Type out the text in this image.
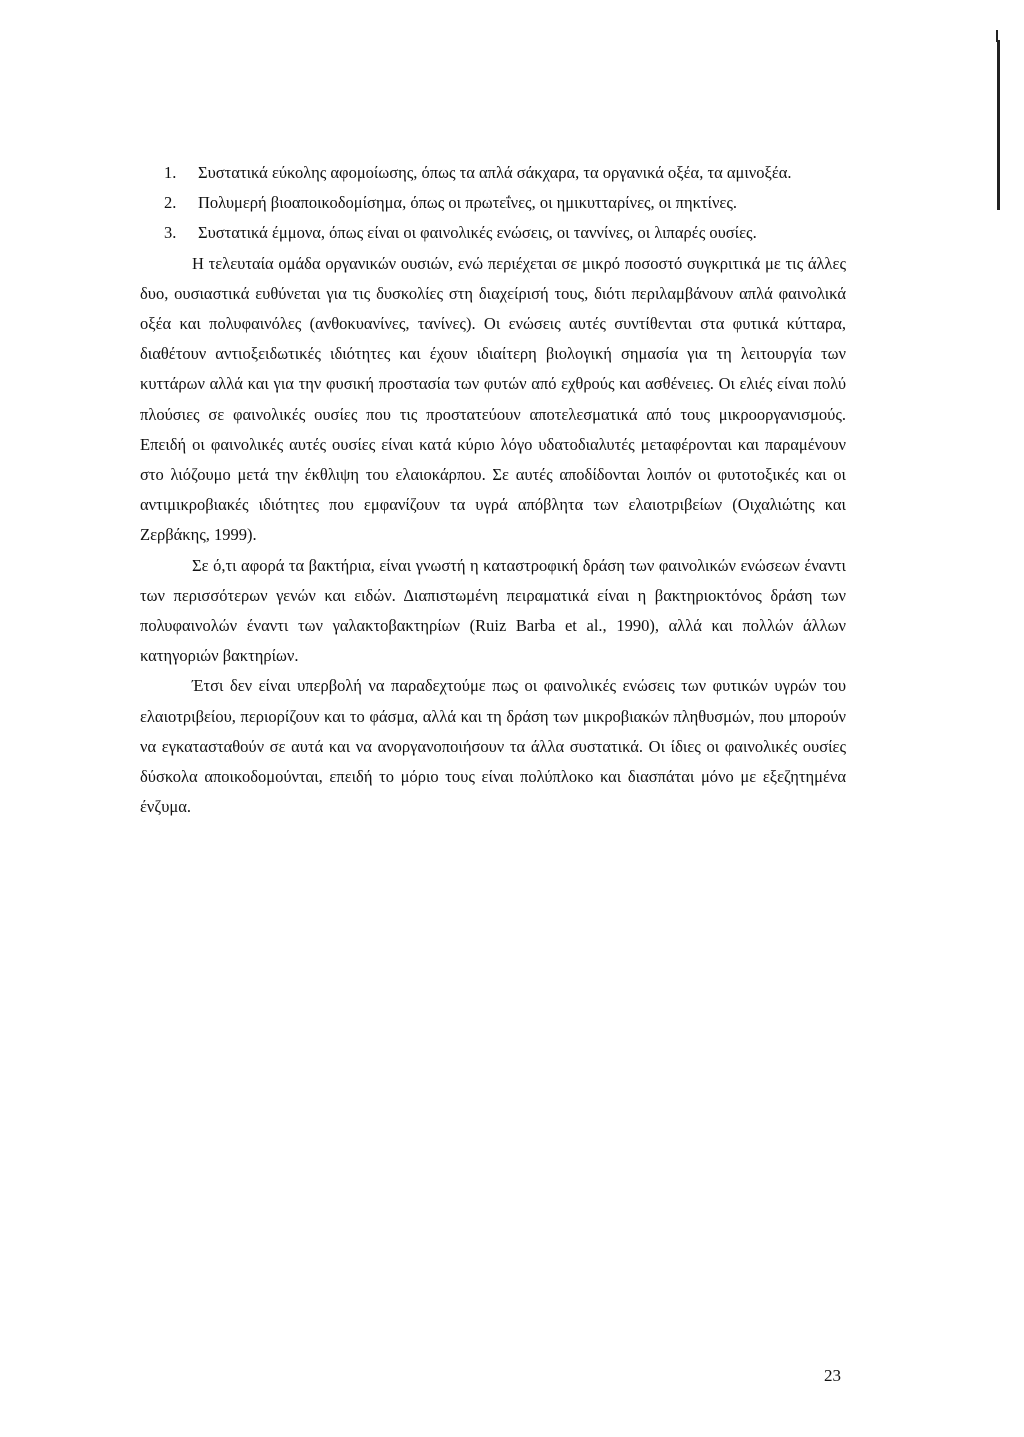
1. Συστατικά εύκολης αφομοίωσης, όπως τα απλά σάκχαρα, τα οργανικά οξέα, τα αμινοξέα.
2. Πολυμερή βιοαποικοδομίσημα, όπως οι πρωτεΐνες, οι ημικυτταρίνες, οι πηκτίνες.
3. Συστατικά έμμονα, όπως είναι οι φαινολικές ενώσεις, οι ταννίνες, οι λιπαρές ουσίες.

Η τελευταία ομάδα οργανικών ουσιών, ενώ περιέχεται σε μικρό ποσοστό συγκριτικά με τις άλλες δυο, ουσιαστικά ευθύνεται για τις δυσκολίες στη διαχείρισή τους, διότι περιλαμβάνουν απλά φαινολικά οξέα και πολυφαινόλες (ανθοκυανίνες, τανίνες). Οι ενώσεις αυτές συντίθενται στα φυτικά κύτταρα, διαθέτουν αντιοξειδωτικές ιδιότητες και έχουν ιδιαίτερη βιολογική σημασία για τη λειτουργία των κυττάρων αλλά και για την φυσική προστασία των φυτών από εχθρούς και ασθένειες. Οι ελιές είναι πολύ πλούσιες σε φαινολικές ουσίες που τις προστατεύουν αποτελεσματικά από τους μικροοργανισμούς. Επειδή οι φαινολικές αυτές ουσίες είναι κατά κύριο λόγο υδατοδιαλυτές μεταφέρονται και παραμένουν στο λιόζουμο μετά την έκθλιψη του ελαιοκάρπου. Σε αυτές αποδίδονται λοιπόν οι φυτοτοξικές και οι αντιμικροβιακές ιδιότητες που εμφανίζουν τα υγρά απόβλητα των ελαιοτριβείων (Οιχαλιώτης και Ζερβάκης, 1999).

Σε ό,τι αφορά τα βακτήρια, είναι γνωστή η καταστροφική δράση των φαινολικών ενώσεων έναντι των περισσότερων γενών και ειδών. Διαπιστωμένη πειραματικά είναι η βακτηριοκτόνος δράση των πολυφαινολών έναντι των γαλακτοβακτηρίων (Ruiz Barba et al., 1990), αλλά και πολλών άλλων κατηγοριών βακτηρίων.

Έτσι δεν είναι υπερβολή να παραδεχτούμε πως οι φαινολικές ενώσεις των φυτικών υγρών του ελαιοτριβείου, περιορίζουν και το φάσμα, αλλά και τη δράση των μικροβιακών πληθυσμών, που μπορούν να εγκατασταθούν σε αυτά και να ανοργανοποιήσουν τα άλλα συστατικά. Οι ίδιες οι φαινολικές ουσίες δύσκολα αποικοδομούνται, επειδή το μόριο τους είναι πολύπλοκο και διασπάται μόνο με εξεζητημένα ένζυμα.

23
